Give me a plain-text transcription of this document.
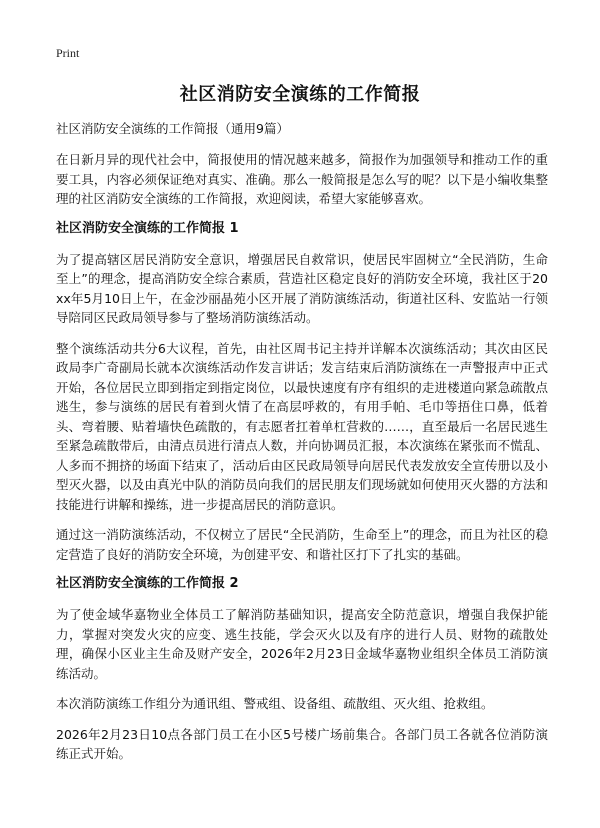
Print
社区消防安全演练的工作简报
社区消防安全演练的工作简报（通用9篇）

在日新月异的现代社会中，简报使用的情况越来越多，简报作为加强领导和推动工作的重要工具，内容必须保证绝对真实、准确。那么一般简报是怎么写的呢？以下是小编收集整理的社区消防安全演练的工作简报，欢迎阅读，希望大家能够喜欢。

社区消防安全演练的工作简报 1

为了提高辖区居民消防安全意识，增强居民自救常识，使居民牢固树立“全民消防，生命至上”的理念，提高消防安全综合素质，营造社区稳定良好的消防安全环境，我社区于20xx年5月10日上午，在金沙丽晶苑小区开展了消防演练活动，街道社区科、安监站一行领导陪同区民政局领导参与了整场消防演练活动。

整个演练活动共分6大议程，首先，由社区周书记主持并详解本次演练活动；其次由区民政局李广奇副局长就本次演练活动作发言讲话；发言结束后消防演练在一声警报声中正式开始，各位居民立即到指定到指定岗位，以最快速度有序有组织的走进楼道向紧急疏散点逃生，参与演练的居民有着到火情了在高层呼救的，有用手帕、毛巾等捂住口鼻，低着头、弯着腰、贴着墙快色疏散的，有志愿者扛着单杠营救的……，直至最后一名居民逃生至紧急疏散带后，由清点员进行清点人数，并向协调员汇报，本次演练在紧张而不慌乱、人多而不拥挤的场面下结束了，活动后由区民政局领导向居民代表发放安全宣传册以及小型灭火器，以及由真光中队的消防员向我们的居民朋友们现场就如何使用灭火器的方法和技能进行讲解和操练，进一步提高居民的消防意识。

通过这一消防演练活动，不仅树立了居民“全民消防，生命至上”的理念，而且为社区的稳定营造了良好的消防安全环境，为创建平安、和谐社区打下了扎实的基础。

社区消防安全演练的工作简报 2

为了使金域华嘉物业全体员工了解消防基础知识，提高安全防范意识，增强自我保护能力，掌握对突发火灾的应变、逃生技能，学会灭火以及有序的进行人员、财物的疏散处理，确保小区业主生命及财产安全，2026年2月23日金域华嘉物业组织全体员工消防演练活动。

本次消防演练工作组分为通讯组、警戒组、设备组、疏散组、灭火组、抢救组。

2026年2月23日10点各部门员工在小区5号楼广场前集合。各部门员工各就各位消防演练正式开始。
